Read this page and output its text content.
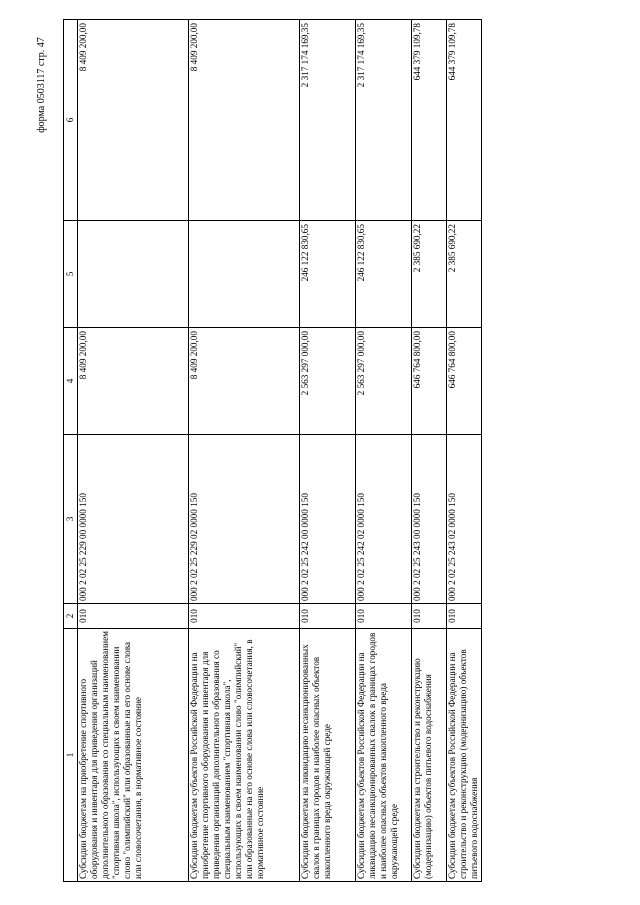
форма 0503117 стр. 47
1	2	3	4	5	6
Субсидии бюджетам на приобретение спортивного оборудования и инвентаря для приведения организаций дополнительного образования со специальным наименованием "спортивная школа", использующих в своем наименовании слово "олимпийский" или образованные на его основе слова или словосочетания, в нормативное состояние	010	000 2 02 25 229 00 0000 150	8 409 200,00		8 409 200,00
Субсидии бюджетам субъектов Российской Федерации на приобретение спортивного оборудования и инвентаря для приведения организаций дополнительного образования со специальным наименованием "спортивная школа", использующих в своем наименовании слово "олимпийский" или образованные на его основе слова или словосочетания, в нормативное состояние	010	000 2 02 25 229 02 0000 150	8 409 200,00		8 409 200,00
Субсидии бюджетам на ликвидацию несанкционированных свалок в границах городов и наиболее опасных объектов накопленного вреда окружающей среде	010	000 2 02 25 242 00 0000 150	2 563 297 000,00	246 122 830,65	2 317 174 169,35
Субсидии бюджетам субъектов Российской Федерации на ликвидацию несанкционированных свалок в границах городов и наиболее опасных объектов накопленного вреда окружающей среде	010	000 2 02 25 242 02 0000 150	2 563 297 000,00	246 122 830,65	2 317 174 169,35
Субсидии бюджетам на строительство и реконструкцию (модернизацию) объектов питьевого водоснабжения	010	000 2 02 25 243 00 0000 150	646 764 800,00	2 385 690,22	644 379 109,78
Субсидии бюджетам субъектов Российской Федерации на строительство и реконструкцию (модернизацию) объектов питьевого водоснабжения	010	000 2 02 25 243 02 0000 150	646 764 800,00	2 385 690,22	644 379 109,78
